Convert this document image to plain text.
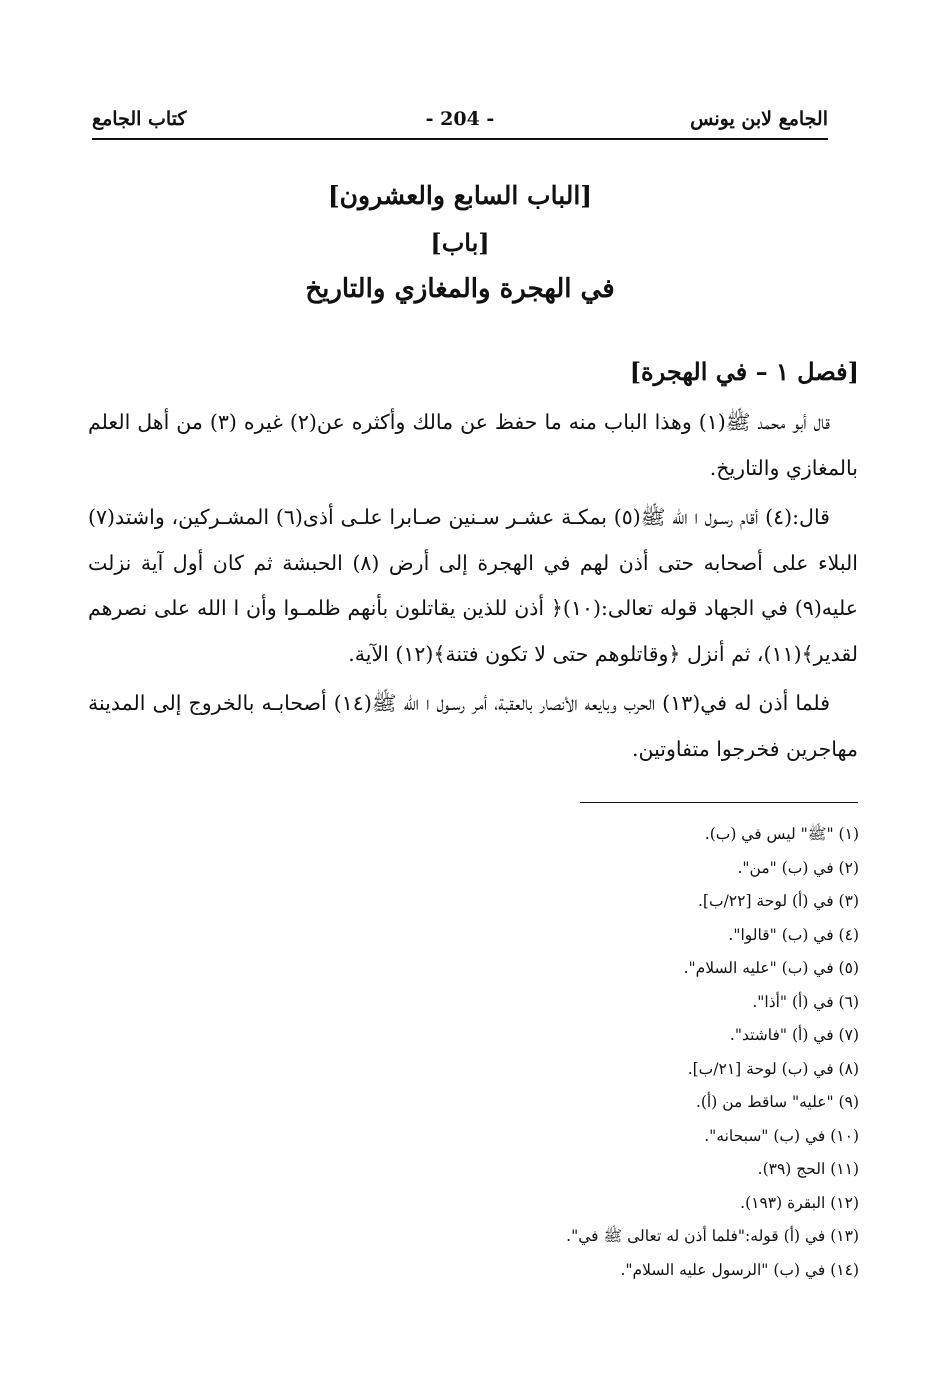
الجامع لابن يونس
- 204 -
كتاب الجامع
[الباب السابع والعشرون]
[باب]
في الهجرة والمغازي والتاريخ
[فصل ١ – في الهجرة]

قال أبو محمد ﷺ(١) وهذا الباب منه ما حفظ عن مالك وأكثره عن(٢) غيره (٣) من أهل العلم بالمغازي والتاريخ.

قال:(٤) أقام رسـول ا الله ﷺ(٥) بمكـة عشـر سـنين صـابرا علـى أذى(٦) المشـركين، واشتد(٧) البلاء على أصحابه حتى أذن لهم في الهجرة إلى أرض (٨) الحبشة ثم كان أول آية نزلت عليه(٩) في الجهاد قوله تعالى:(١٠)﴿ أذن للذين يقاتلون بأنهم ظلمـوا وأن ا الله على نصرهم لقدير﴾(١١)، ثم أنزل ﴿وقاتلوهم حتى لا تكون فتنة﴾(١٢) الآية.

فلما أذن له في(١٣) الحرب وبايعه الأنصار بالعقبة، أمر رسـول ا الله ﷺ(١٤) أصحابـه بالخروج إلى المدينة مهاجرين فخرجوا متفاوتين.

(١) "ﷺ" ليس في (ب).
(٢) في (ب) "من".
(٣) في (أ) لوحة [٢٢/ب].
(٤) في (ب) "قالوا".
(٥) في (ب) "عليه السلام".
(٦) في (أ) "أذا".
(٧) في (أ) "فاشتد".
(٨) في (ب) لوحة [٢١/ب].
(٩) "عليه" ساقط من (أ).
(١٠) في (ب) "سبحانه".
(١١) الحج (٣٩).
(١٢) البقرة (١٩٣).
(١٣) في (أ) قوله:"فلما أذن له تعالى ﷺ في".
(١٤) في (ب) "الرسول عليه السلام".
